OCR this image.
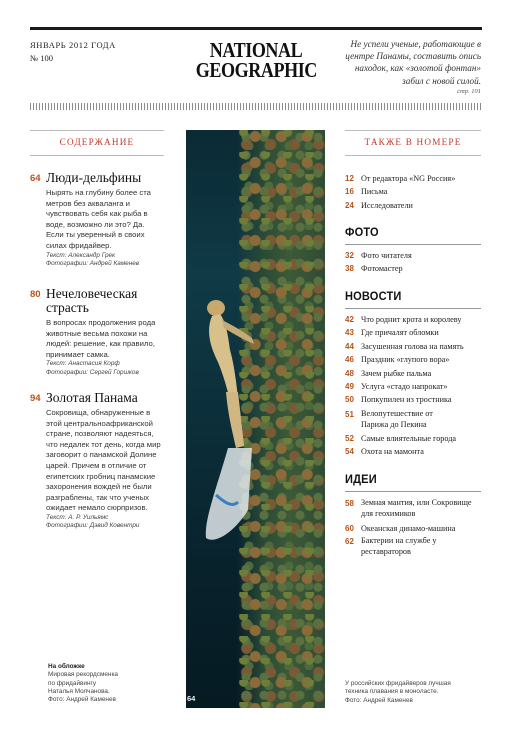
ЯНВАРЬ 2012 ГОДА
№ 100	NATIONAL
GEOGRAPHIC
Не успели ученые, работающие в центре Панамы, составить опись находок, как «золотой фонтан» забил с новой силой.
стр. 101
СОДЕРЖАНИЕ
64 Люди-дельфины
Нырять на глубину более ста метров без акваланга и чувствовать себя как рыба в воде, возможно ли это? Да. Если ты уверенный в своих силах фридайвер.
Текст: Александр Грек
Фотографии: Андрей Каменев
80 Нечеловеческая страсть
В вопросах продолжения рода животные весьма похожи на людей: решение, как правило, принимает самка.
Текст: Анастасия Корф
Фотографии: Сергей Горшков
94 Золотая Панама
Сокровища, обнаруженные в этой центральноафриканской стране, позволяют надеяться, что недалек тот день, когда мир заговорит о панамской Долине царей. Причем в отличие от египетских гробниц панамские захоронения вождей не были разграблены, так что ученых ожидает немало сюрпризов.
Текст: А. Р. Уильямс
Фотографии: Дэвид Ковентри
На обложке
Мировая рекордсменка
по фридайвингу
Наталья Молчанова.
Фото: Андрей Каменев	64
ТАКЖЕ В НОМЕРЕ
12 От редактора «NG Россия»
16 Письма
24 Исследователи
ФОТО
32 Фото читателя
38 Фотомастер
НОВОСТИ
42 Что роднит крота и королеву
43 Где причалят обломки
44 Засушенная голова на память
46 Праздник «глупого вора»
48 Зачем рыбке пальма
49 Услуга «стадо напрокат»
50 Попкупилен из тростника
51 Велопутешествие от Парижа до Пекина
52 Самые влиятельные города
54 Охота на мамонта
ИДЕИ
58 Земная мантия, или Сокровище для геохимиков
60 Океанская динамо-машина
62 Бактерии на службе у реставраторов
У российских фридайверов лучшая
техника плавания в моноласте.
Фото: Андрей Каменев
